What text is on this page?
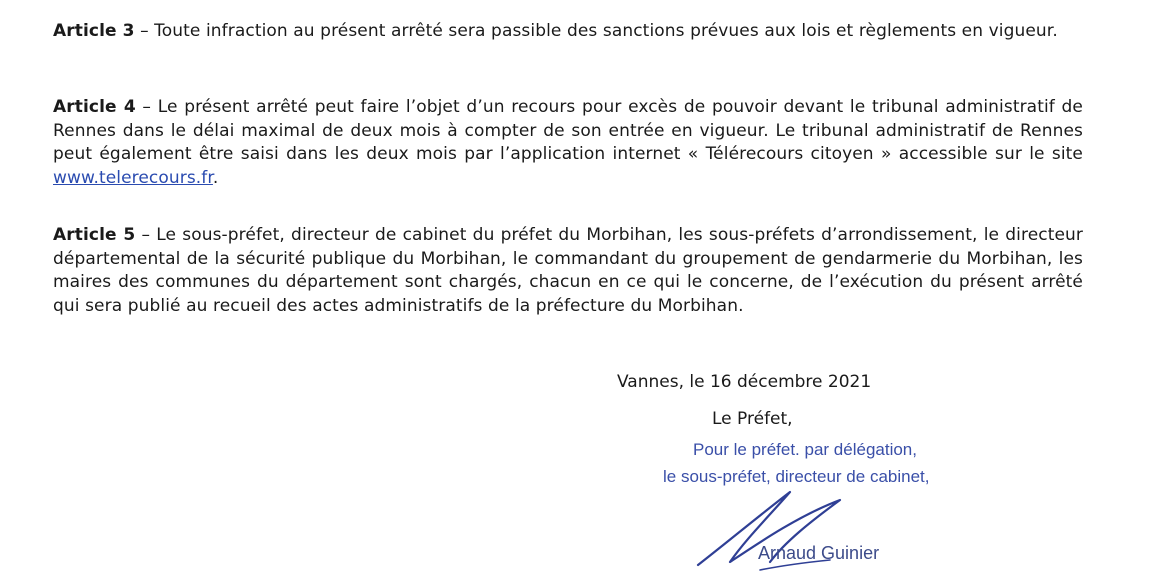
Article 3 – Toute infraction au présent arrêté sera passible des sanctions prévues aux lois et règlements en vigueur.
Article 4 – Le présent arrêté peut faire l’objet d’un recours pour excès de pouvoir devant le tribunal administratif de Rennes dans le délai maximal de deux mois à compter de son entrée en vigueur. Le tribunal administratif de Rennes peut également être saisi dans les deux mois par l’application internet « Télérecours citoyen » accessible sur le site www.telerecours.fr.
Article 5 – Le sous-préfet, directeur de cabinet du préfet du Morbihan, les sous-préfets d’arrondissement, le directeur départemental de la sécurité publique du Morbihan, le commandant du groupement de gendarmerie du Morbihan, les maires des communes du département sont chargés, chacun en ce qui le concerne, de l’exécution du présent arrêté qui sera publié au recueil des actes administratifs de la préfecture du Morbihan.
Vannes, le 16 décembre 2021
Le Préfet,
Pour le préfet. par délégation,
le sous-préfet, directeur de cabinet,
Arnaud Guinier
